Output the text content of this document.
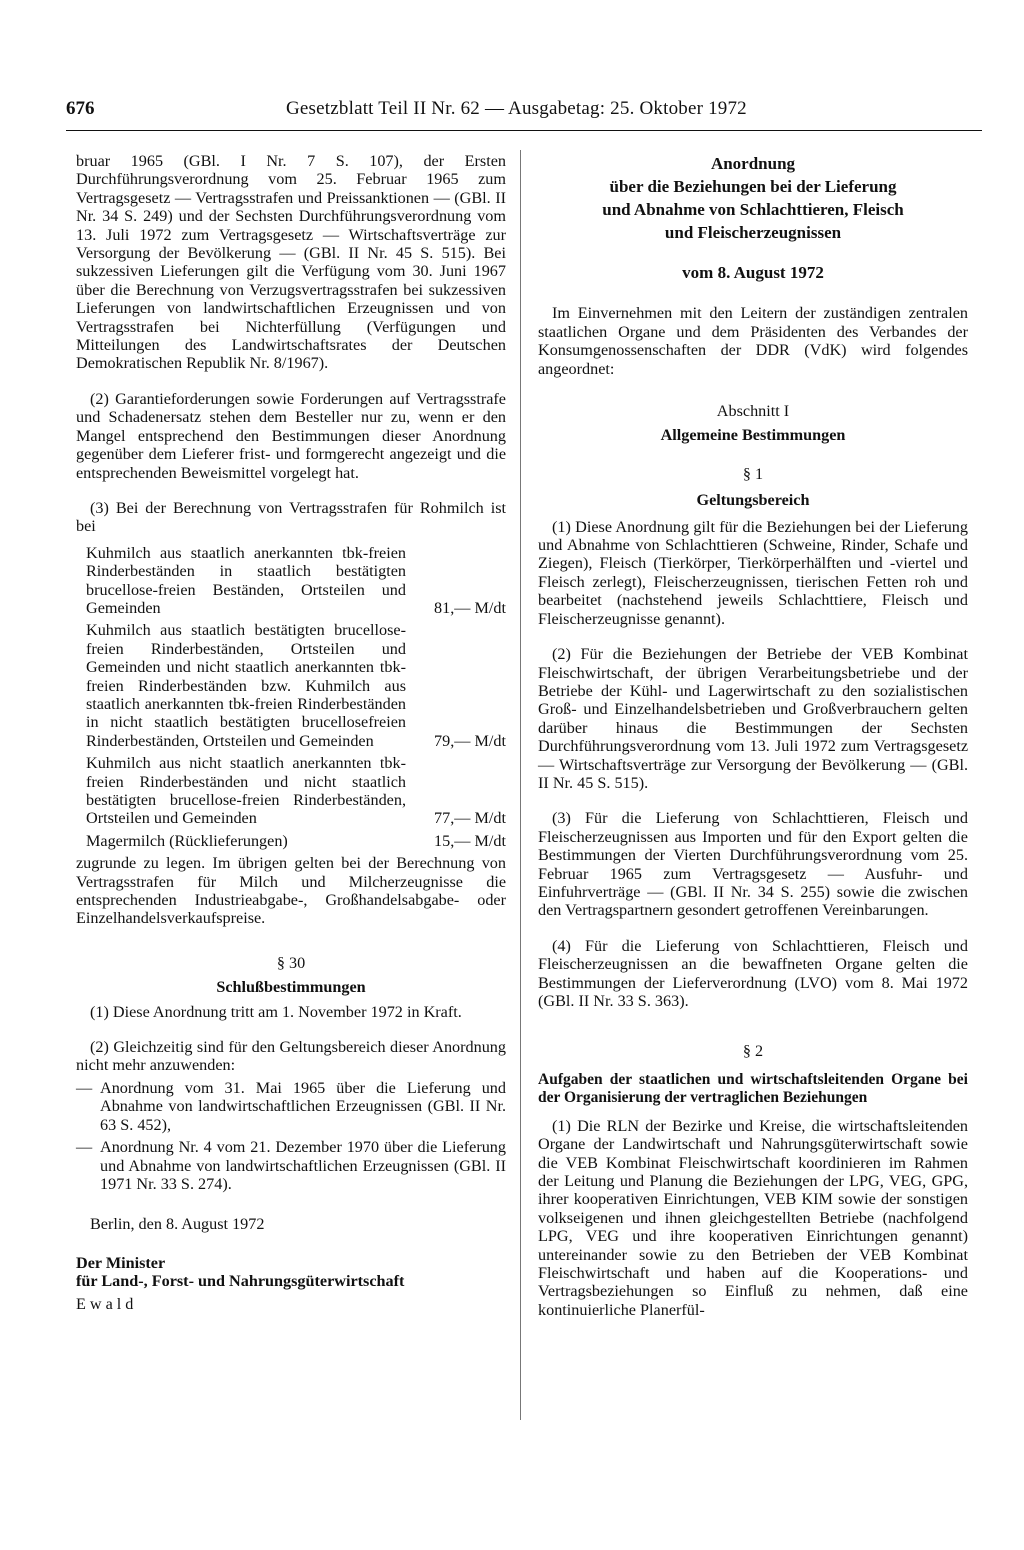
676	Gesetzblatt Teil II Nr. 62 — Ausgabetag: 25. Oktober 1972

bruar 1965 (GBl. I Nr. 7 S. 107), der Ersten Durchführungsverordnung vom 25. Februar 1965 zum Vertragsgesetz — Vertragsstrafen und Preissanktionen — (GBl. II Nr. 34 S. 249) und der Sechsten Durchführungsverordnung vom 13. Juli 1972 zum Vertragsgesetz — Wirtschaftsverträge zur Versorgung der Bevölkerung — (GBl. II Nr. 45 S. 515). Bei sukzessiven Lieferungen gilt die Verfügung vom 30. Juni 1967 über die Berechnung von Verzugsvertragsstrafen bei sukzessiven Lieferungen von landwirtschaftlichen Erzeugnissen und von Vertragsstrafen bei Nichterfüllung (Verfügungen und Mitteilungen des Landwirtschaftsrates der Deutschen Demokratischen Republik Nr. 8/1967).

(2) Garantieforderungen sowie Forderungen auf Vertragsstrafe und Schadenersatz stehen dem Besteller nur zu, wenn er den Mangel entsprechend den Bestimmungen dieser Anordnung gegenüber dem Lieferer frist- und formgerecht angezeigt und die entsprechenden Beweismittel vorgelegt hat.

(3) Bei der Berechnung von Vertragsstrafen für Rohmilch ist bei

Kuhmilch aus staatlich anerkannten tbk-freien Rinderbeständen in staatlich bestätigten brucellose-freien Beständen, Ortsteilen und Gemeinden	81,— M/dt
Kuhmilch aus staatlich bestätigten brucellose-freien Rinderbeständen, Ortsteilen und Gemeinden und nicht staatlich anerkannten tbk-freien Rinderbeständen bzw. Kuhmilch aus staatlich anerkannten tbk-freien Rinderbeständen in nicht staatlich bestätigten brucellosefreien Rinderbeständen, Ortsteilen und Gemeinden	79,— M/dt
Kuhmilch aus nicht staatlich anerkannten tbk-freien Rinderbeständen und nicht staatlich bestätigten brucellose-freien Rinderbeständen, Ortsteilen und Gemeinden	77,— M/dt
Magermilch (Rücklieferungen)	15,— M/dt

zugrunde zu legen. Im übrigen gelten bei der Berechnung von Vertragsstrafen für Milch und Milcherzeugnisse die entsprechenden Industrieabgabe-, Großhandelsabgabe- oder Einzelhandelsverkaufspreise.

§ 30

Schlußbestimmungen

(1) Diese Anordnung tritt am 1. November 1972 in Kraft.

(2) Gleichzeitig sind für den Geltungsbereich dieser Anordnung nicht mehr anzuwenden:

— Anordnung vom 31. Mai 1965 über die Lieferung und Abnahme von landwirtschaftlichen Erzeugnissen (GBl. II Nr. 63 S. 452),
— Anordnung Nr. 4 vom 21. Dezember 1970 über die Lieferung und Abnahme von landwirtschaftlichen Erzeugnissen (GBl. II 1971 Nr. 33 S. 274).

Berlin, den 8. August 1972

Der Minister

für Land-, Forst- und Nahrungsgüterwirtschaft

Ewald

Anordnung
über die Beziehungen bei der Lieferung
und Abnahme von Schlachttieren, Fleisch
und Fleischerzeugnissen

vom 8. August 1972

Im Einvernehmen mit den Leitern der zuständigen zentralen staatlichen Organe und dem Präsidenten des Verbandes der Konsumgenossenschaften der DDR (VdK) wird folgendes angeordnet:

Abschnitt I

Allgemeine Bestimmungen

§ 1

Geltungsbereich

(1) Diese Anordnung gilt für die Beziehungen bei der Lieferung und Abnahme von Schlachttieren (Schweine, Rinder, Schafe und Ziegen), Fleisch (Tierkörper, Tierkörperhälften und -viertel und Fleisch zerlegt), Fleischerzeugnissen, tierischen Fetten roh und bearbeitet (nachstehend jeweils Schlachttiere, Fleisch und Fleischerzeugnisse genannt).

(2) Für die Beziehungen der Betriebe der VEB Kombinat Fleischwirtschaft, der übrigen Verarbeitungsbetriebe und der Betriebe der Kühl- und Lagerwirtschaft zu den sozialistischen Groß- und Einzelhandelsbetrieben und Großverbrauchern gelten darüber hinaus die Bestimmungen der Sechsten Durchführungsverordnung vom 13. Juli 1972 zum Vertragsgesetz — Wirtschaftsverträge zur Versorgung der Bevölkerung — (GBl. II Nr. 45 S. 515).

(3) Für die Lieferung von Schlachttieren, Fleisch und Fleischerzeugnissen aus Importen und für den Export gelten die Bestimmungen der Vierten Durchführungsverordnung vom 25. Februar 1965 zum Vertragsgesetz — Ausfuhr- und Einfuhrverträge — (GBl. II Nr. 34 S. 255) sowie die zwischen den Vertragspartnern gesondert getroffenen Vereinbarungen.

(4) Für die Lieferung von Schlachttieren, Fleisch und Fleischerzeugnissen an die bewaffneten Organe gelten die Bestimmungen der Lieferverordnung (LVO) vom 8. Mai 1972 (GBl. II Nr. 33 S. 363).

§ 2

Aufgaben der staatlichen und wirtschaftsleitenden Organe bei der Organisierung der vertraglichen Beziehungen

(1) Die RLN der Bezirke und Kreise, die wirtschaftsleitenden Organe der Landwirtschaft und Nahrungsgüterwirtschaft sowie die VEB Kombinat Fleischwirtschaft koordinieren im Rahmen der Leitung und Planung die Beziehungen der LPG, VEG, GPG, ihrer kooperativen Einrichtungen, VEB KIM sowie der sonstigen volkseigenen und ihnen gleichgestellten Betriebe (nachfolgend LPG, VEG und ihre kooperativen Einrichtungen genannt) untereinander sowie zu den Betrieben der VEB Kombinat Fleischwirtschaft und haben auf die Kooperations- und Vertragsbeziehungen so Einfluß zu nehmen, daß eine kontinuierliche Planerfül-
